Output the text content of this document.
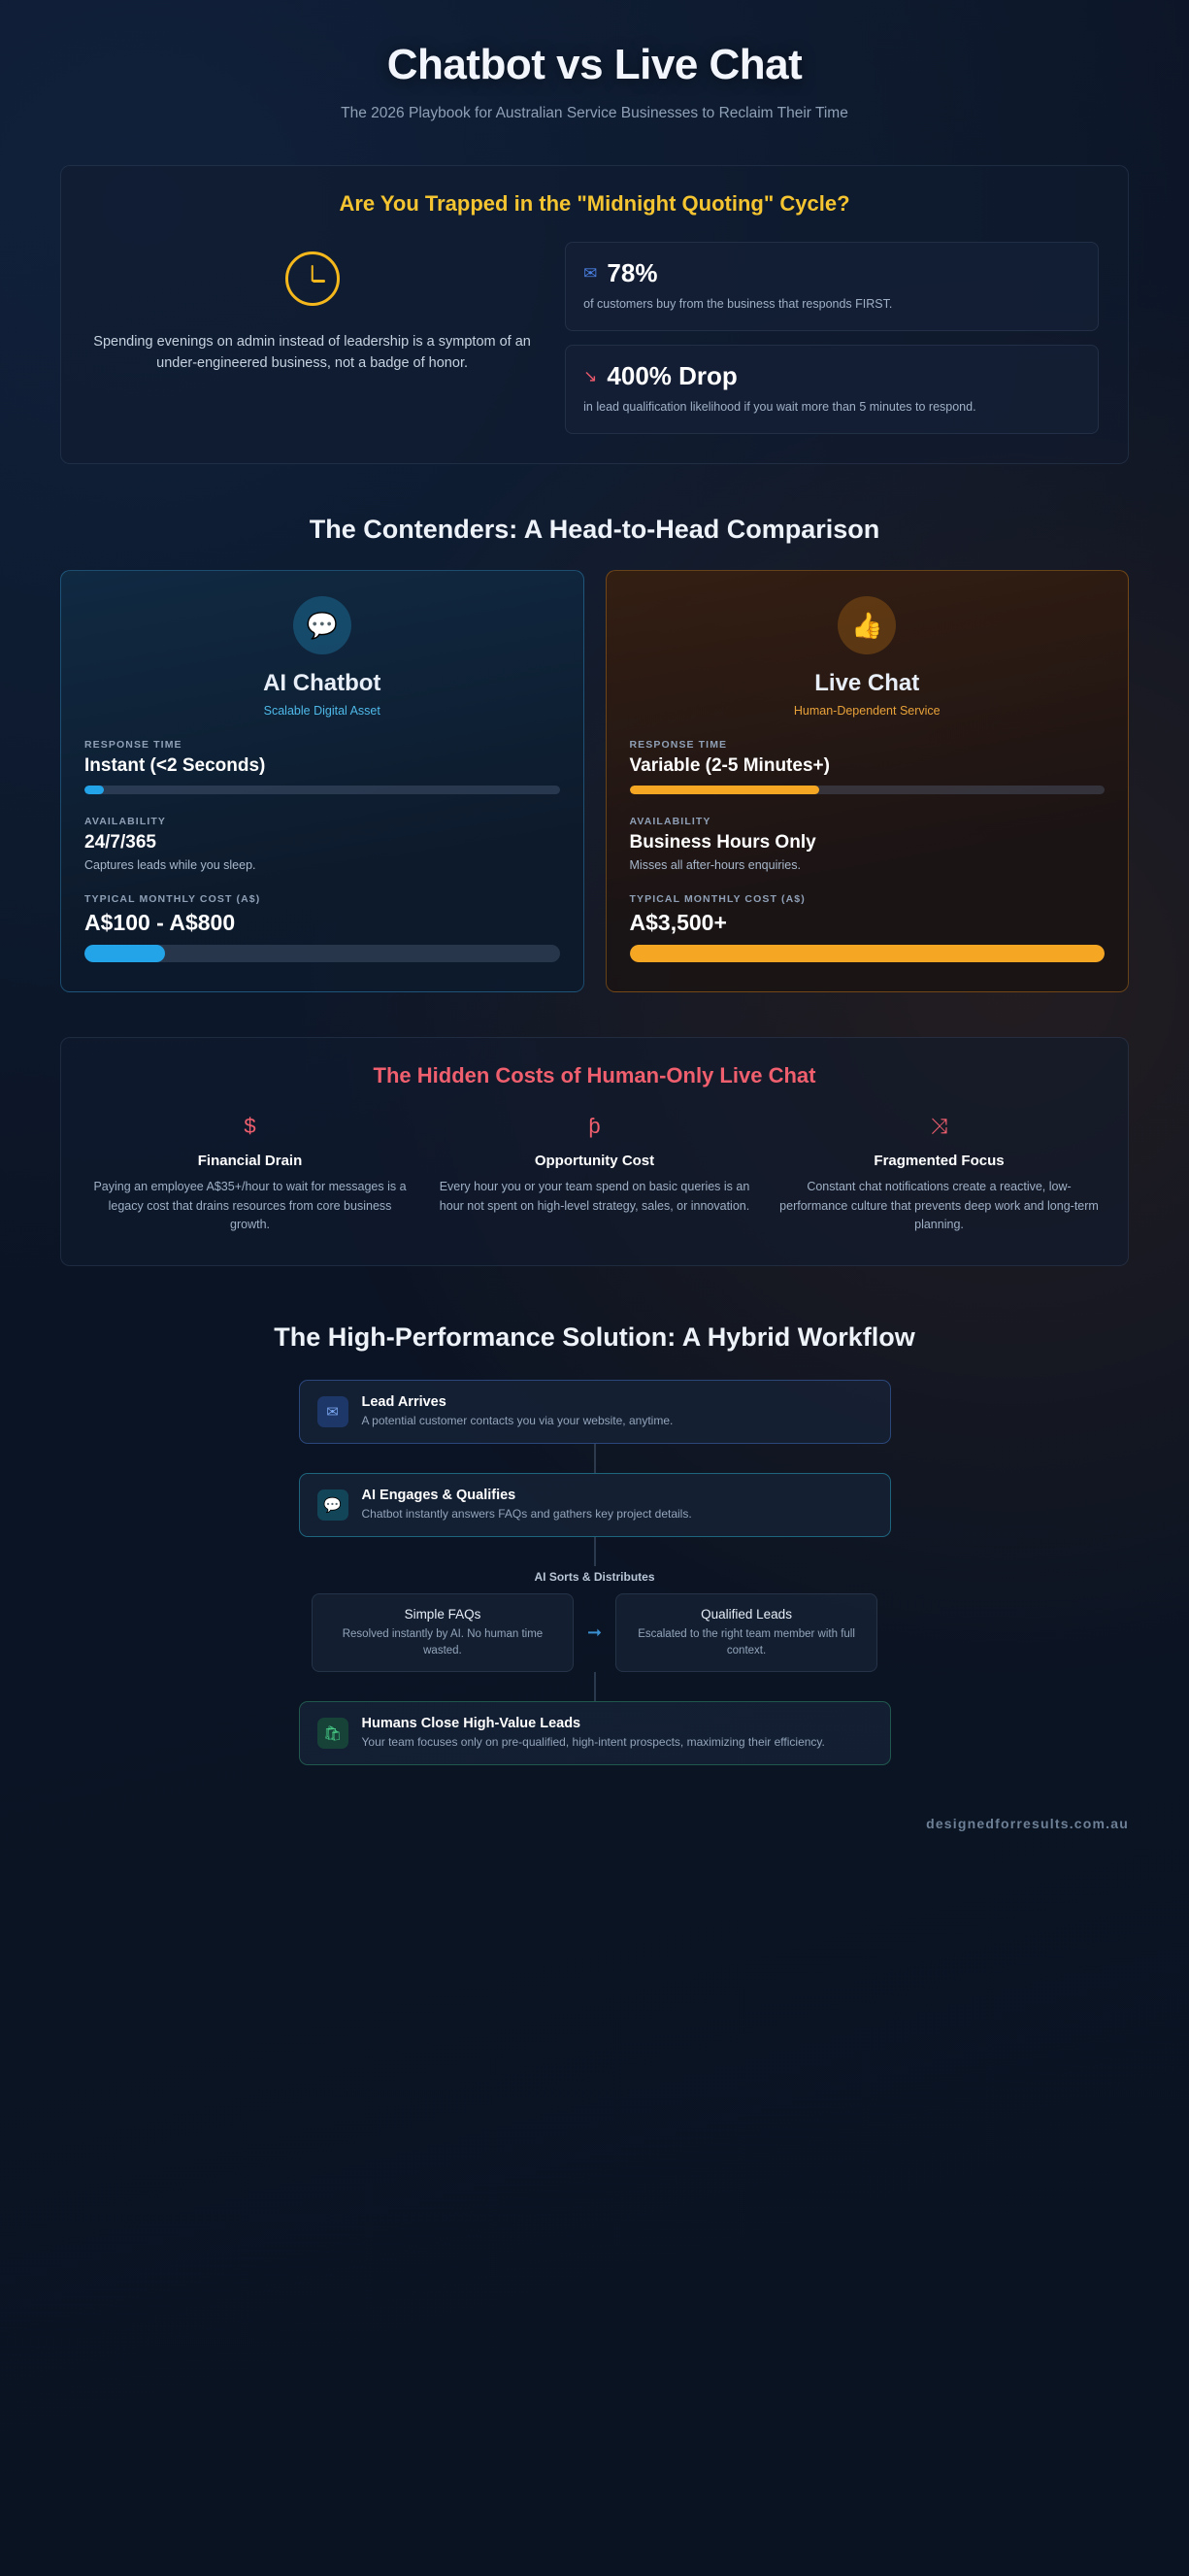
Chatbot vs Live Chat

The 2026 Playbook for Australian Service Businesses to Reclaim Their Time

Are You Trapped in the "Midnight Quoting" Cycle?

Spending evenings on admin instead of leadership is a symptom of an under-engineered business, not a badge of honor.

✉ 78%

of customers buy from the business that responds FIRST.

↘ 400% Drop

in lead qualification likelihood if you wait more than 5 minutes to respond.

The Contenders: A Head-to-Head Comparison
💬
AI Chatbot
Scalable Digital Asset
RESPONSE TIME
Instant (<2 Seconds)
AVAILABILITY
24/7/365
Captures leads while you sleep.
TYPICAL MONTHLY COST (A$)
A$100 - A$800
👍
Live Chat
Human-Dependent Service
RESPONSE TIME
Variable (2-5 Minutes+)
AVAILABILITY
Business Hours Only
Misses all after-hours enquiries.
TYPICAL MONTHLY COST (A$)
A$3,500+
The Hidden Costs of Human-Only Live Chat
$
Financial Drain

Paying an employee A$35+/hour to wait for messages is a legacy cost that drains resources from core business growth.

ƥ
Opportunity Cost

Every hour you or your team spend on basic queries is an hour not spent on high-level strategy, sales, or innovation.

⤨
Fragmented Focus

Constant chat notifications create a reactive, low-performance culture that prevents deep work and long-term planning.

The High-Performance Solution: A Hybrid Workflow
✉
Lead Arrives

A potential customer contacts you via your website, anytime.

💬
AI Engages & Qualifies

Chatbot instantly answers FAQs and gathers key project details.

AI Sorts & Distributes
Simple FAQs

Resolved instantly by AI. No human time wasted.

➞
Qualified Leads

Escalated to the right team member with full context.

🛍
Humans Close High-Value Leads

Your team focuses only on pre-qualified, high-intent prospects, maximizing their efficiency.

designedforresults.com.au
